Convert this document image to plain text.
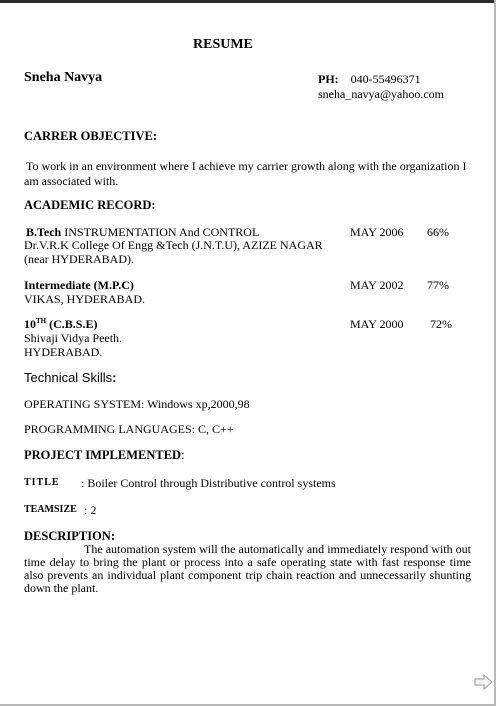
RESUME
Sneha Navya	PH: 040-55496371
sneha_navya@yahoo.com
CARRER OBJECTIVE:
To work in an environment where I achieve my carrier growth along with the organization I
am associated with.
ACADEMIC RECORD:
B.Tech INSTRUMENTATION And CONTROL
Dr.V.R.K College Of Engg &Tech (J.N.T.U), AZIZE NAGAR
(near HYDERABAD).
MAY 2006 66%
Intermediate (M.P.C)
VIKAS, HYDERABAD.
MAY 2002 77%
10TH (C.B.S.E)
Shivaji Vidya Peeth.
HYDERABAD.
MAY 2000 72%
Technical Skills:
OPERATING SYSTEM: Windows xp,2000,98
PROGRAMMING LANGUAGES: C, C++
PROJECT IMPLEMENTED:
TITLE : Boiler Control through Distributive control systems
TEAMSIZE : 2
DESCRIPTION:
The automation system will the automatically and immediately respond with out time delay to bring the plant or process into a safe operating state with fast response time also prevents an individual plant component trip chain reaction and unnecessarily shunting down the plant.
